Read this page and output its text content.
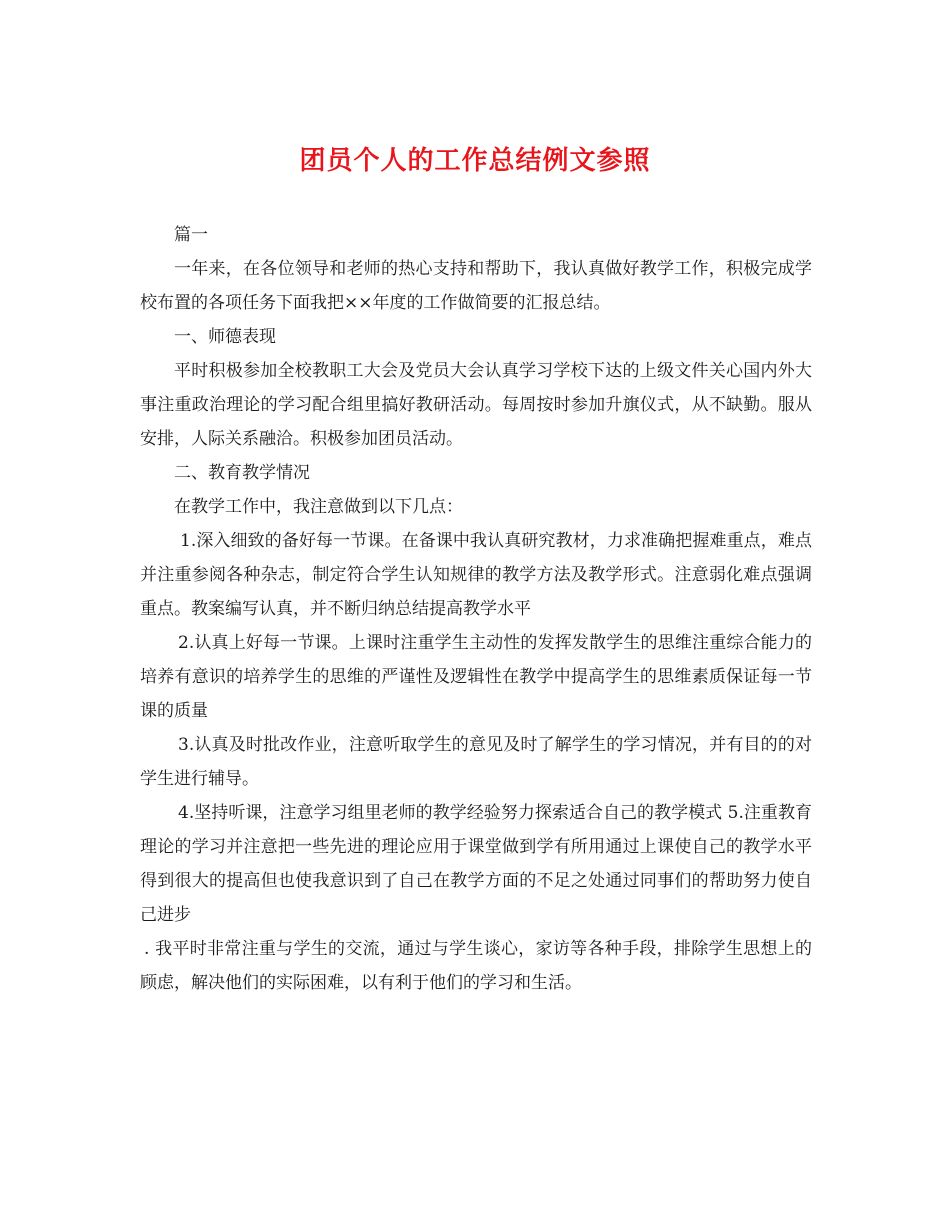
团员个人的工作总结例文参照

篇一

一年来，在各位领导和老师的热心支持和帮助下，我认真做好教学工作，积极完成学校布置的各项任务下面我把××年度的工作做简要的汇报总结。

一、师德表现

平时积极参加全校教职工大会及党员大会认真学习学校下达的上级文件关心国内外大事注重政治理论的学习配合组里搞好教研活动。每周按时参加升旗仪式，从不缺勤。服从安排，人际关系融洽。积极参加团员活动。

二、教育教学情况

在教学工作中，我注意做到以下几点：

1.深入细致的备好每一节课。在备课中我认真研究教材，力求准确把握难重点，难点并注重参阅各种杂志，制定符合学生认知规律的教学方法及教学形式。注意弱化难点强调重点。教案编写认真，并不断归纳总结提高教学水平

2.认真上好每一节课。上课时注重学生主动性的发挥发散学生的思维注重综合能力的培养有意识的培养学生的思维的严谨性及逻辑性在教学中提高学生的思维素质保证每一节课的质量

3.认真及时批改作业，注意听取学生的意见及时了解学生的学习情况，并有目的的对学生进行辅导。

4.坚持听课，注意学习组里老师的教学经验努力探索适合自己的教学模式 5.注重教育理论的学习并注意把一些先进的理论应用于课堂做到学有所用通过上课使自己的教学水平得到很大的提高但也使我意识到了自己在教学方面的不足之处通过同事们的帮助努力使自己进步

. 我平时非常注重与学生的交流，通过与学生谈心，家访等各种手段，排除学生思想上的顾虑，解决他们的实际困难，以有利于他们的学习和生活。
